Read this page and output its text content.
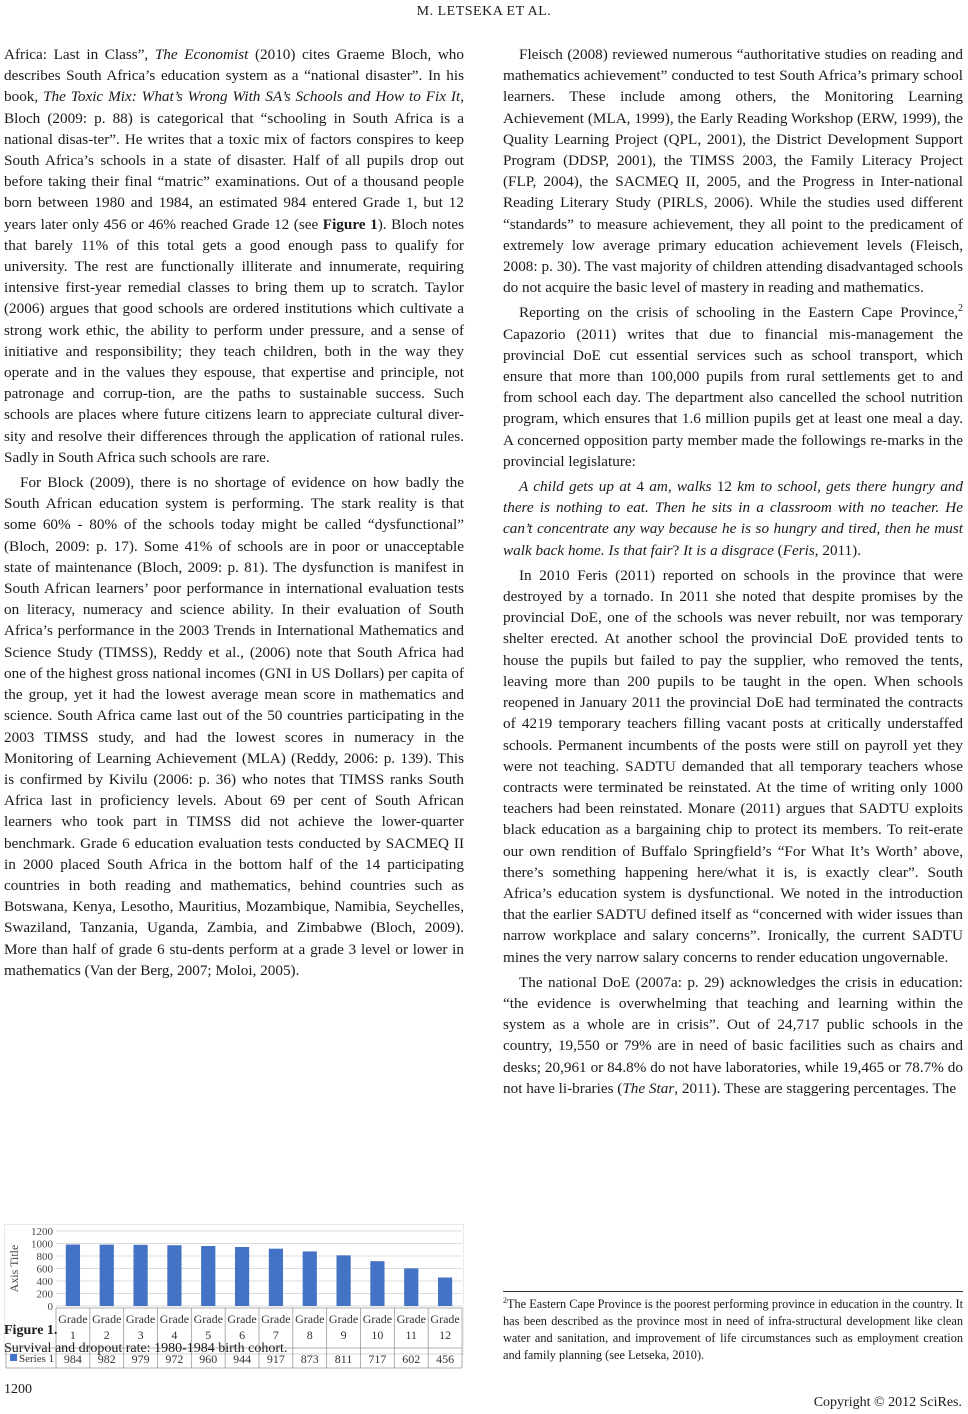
M. LETSEKA ET AL.

Africa: Last in Class”, The Economist (2010) cites Graeme Bloch, who describes South Africa’s education system as a “national disaster”. In his book, The Toxic Mix: What’s Wrong With SA’s Schools and How to Fix It, Bloch (2009: p. 88) is categorical that “schooling in South Africa is a national disas-ter”. He writes that a toxic mix of factors conspires to keep South Africa’s schools in a state of disaster. Half of all pupils drop out before taking their final “matric” examinations. Out of a thousand people born between 1980 and 1984, an estimated 984 entered Grade 1, but 12 years later only 456 or 46% reached Grade 12 (see Figure 1). Bloch notes that barely 11% of this total gets a good enough pass to qualify for university. The rest are functionally illiterate and innumerate, requiring intensive first-year remedial classes to bring them up to scratch. Taylor (2006) argues that good schools are ordered institutions which cultivate a strong work ethic, the ability to perform under pressure, and a sense of initiative and responsibility; they teach children, both in the way they operate and in the values they espouse, that expertise and principle, not patronage and corrup-tion, are the paths to sustainable success. Such schools are places where future citizens learn to appreciate cultural diver-sity and resolve their differences through the application of rational rules. Sadly in South Africa such schools are rare.

For Block (2009), there is no shortage of evidence on how badly the South African education system is performing. The stark reality is that some 60% - 80% of the schools today might be called “dysfunctional” (Bloch, 2009: p. 17). Some 41% of schools are in poor or unacceptable state of maintenance (Bloch, 2009: p. 81). The dysfunction is manifest in South African learners’ poor performance in international evaluation tests on literacy, numeracy and science ability. In their evaluation of South Africa’s performance in the 2003 Trends in International Mathematics and Science Study (TIMSS), Reddy et al., (2006) note that South Africa had one of the highest gross national incomes (GNI in US Dollars) per capita of the group, yet it had the lowest average mean score in mathematics and science. South Africa came last out of the 50 countries participating in the 2003 TIMSS study, and had the lowest scores in numeracy in the Monitoring of Learning Achievement (MLA) (Reddy, 2006: p. 139). This is confirmed by Kivilu (2006: p. 36) who notes that TIMSS ranks South Africa last in proficiency levels. About 69 per cent of South African learners who took part in TIMSS did not achieve the lower-quarter benchmark. Grade 6 education evaluation tests conducted by SACMEQ II in 2000 placed South Africa in the bottom half of the 14 participating countries in both reading and mathematics, behind countries such as Botswana, Kenya, Lesotho, Mauritius, Mozambique, Namibia, Seychelles, Swaziland, Tanzania, Uganda, Zambia, and Zimbabwe (Bloch, 2009). More than half of grade 6 stu-dents perform at a grade 3 level or lower in mathematics (Van der Berg, 2007; Moloi, 2005).

0
200
400
600
800
1000
1200
Axis Title
Grade
1
Grade
2
Grade
3
Grade
4
Grade
5
Grade
6
Grade
7
Grade
8
Grade
9
Grade
10
Grade
11
Grade
12
Series 1 984 982 979 972 960 944 917 873 811 717 602 456
Figure 1.
Survival and dropout rate: 1980-1984 birth cohort.

Fleisch (2008) reviewed numerous “authoritative studies on reading and mathematics achievement” conducted to test South Africa’s primary school learners. These include among others, the Monitoring Learning Achievement (MLA, 1999), the Early Reading Workshop (ERW, 1999), the Quality Learning Project (QPL, 2001), the District Development Support Program (DDSP, 2001), the TIMSS 2003, the Family Literacy Project (FLP, 2004), the SACMEQ II, 2005, and the Progress in Inter-national Reading Literary Study (PIRLS, 2006). While the studies used different “standards” to measure achievement, they all point to the predicament of extremely low average primary education achievement levels (Fleisch, 2008: p. 30). The vast majority of children attending disadvantaged schools do not acquire the basic level of mastery in reading and mathematics.

Reporting on the crisis of schooling in the Eastern Cape Province,$^2$ Capazorio (2011) writes that due to financial mis-management the provincial DoE cut essential services such as school transport, which ensure that more than 100,000 pupils from rural settlements get to and from school each day. The department also cancelled the school nutrition program, which ensures that 1.6 million pupils get at least one meal a day. A concerned opposition party member made the followings re-marks in the provincial legislature:

A child gets up at 4 am, walks 12 km to school, gets there hungry and there is nothing to eat. Then he sits in a classroom with no teacher. He can’t concentrate any way because he is so hungry and tired, then he must walk back home. Is that fair? It is a disgrace (Feris, 2011).

In 2010 Feris (2011) reported on schools in the province that were destroyed by a tornado. In 2011 she noted that despite promises by the provincial DoE, one of the schools was never rebuilt, nor was temporary shelter erected. At another school the provincial DoE provided tents to house the pupils but failed to pay the supplier, who removed the tents, leaving more than 200 pupils to be taught in the open. When schools reopened in January 2011 the provincial DoE had terminated the contracts of 4219 temporary teachers filling vacant posts at critically understaffed schools. Permanent incumbents of the posts were still on payroll yet they were not teaching. SADTU demanded that all temporary teachers whose contracts were terminated be reinstated. At the time of writing only 1000 teachers had been reinstated. Monare (2011) argues that SADTU exploits black education as a bargaining chip to protect its members. To reit-erate our own rendition of Buffalo Springfield’s “For What It’s Worth’ above, there’s something happening here/what it is, is exactly clear”. South Africa’s education system is dysfunctional. We noted in the introduction that the earlier SADTU defined itself as “concerned with wider issues than narrow workplace and salary concerns”. Ironically, the current SADTU mines the very narrow salary concerns to render education ungovernable.

The national DoE (2007a: p. 29) acknowledges the crisis in education: “the evidence is overwhelming that teaching and learning within the system as a whole are in crisis”. Out of 24,717 public schools in the country, 19,550 or 79% are in need of basic facilities such as chairs and desks; 20,961 or 84.8% do not have laboratories, while 19,465 or 78.7% do not have li-braries (The Star, 2011). These are staggering percentages. The

$^2$The Eastern Cape Province is the poorest performing province in education in the country. It has been described as the province most in need of infra-structural development like clean water and sanitation, and improvement of life circumstances such as employment creation and family planning (see Letseka, 2010).
1200
Copyright © 2012 SciRes.
